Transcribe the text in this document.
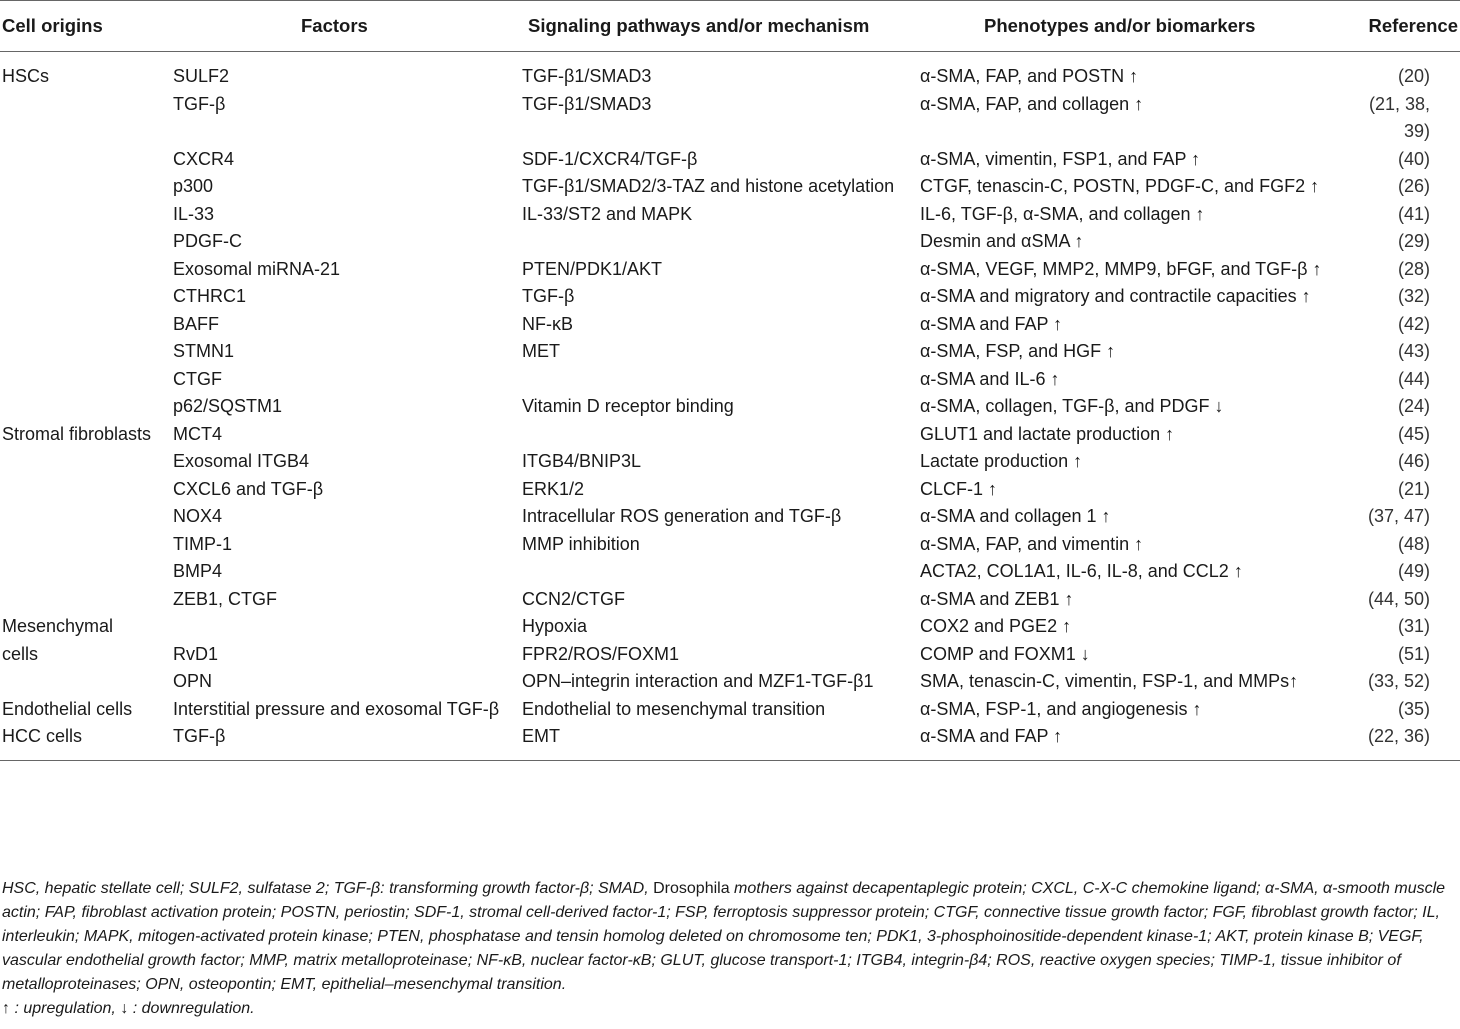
Cell origins	Factors	Signaling pathways and/or mechanism	Phenotypes and/or biomarkers	Reference
HSCs	SULF2	TGF-β1/SMAD3	α-SMA, FAP, and POSTN ↑	(20)
	TGF-β	TGF-β1/SMAD3	α-SMA, FAP, and collagen ↑	(21, 38, 39)
	CXCR4	SDF-1/CXCR4/TGF-β	α-SMA, vimentin, FSP1, and FAP ↑	(40)
	p300	TGF-β1/SMAD2/3-TAZ and histone acetylation	CTGF, tenascin-C, POSTN, PDGF-C, and FGF2 ↑	(26)
	IL-33	IL-33/ST2 and MAPK	IL-6, TGF-β, α-SMA, and collagen ↑	(41)
	PDGF-C		Desmin and αSMA ↑	(29)
	Exosomal miRNA-21	PTEN/PDK1/AKT	α-SMA, VEGF, MMP2, MMP9, bFGF, and TGF-β ↑	(28)
	CTHRC1	TGF-β	α-SMA and migratory and contractile capacities ↑	(32)
	BAFF	NF-κB	α-SMA and FAP ↑	(42)
	STMN1	MET	α-SMA, FSP, and HGF ↑	(43)
	CTGF		α-SMA and IL-6 ↑	(44)
	p62/SQSTM1	Vitamin D receptor binding	α-SMA, collagen, TGF-β, and PDGF ↓	(24)
Stromal fibroblasts	MCT4		GLUT1 and lactate production ↑	(45)
	Exosomal ITGB4	ITGB4/BNIP3L	Lactate production ↑	(46)
	CXCL6 and TGF-β	ERK1/2	CLCF-1 ↑	(21)
	NOX4	Intracellular ROS generation and TGF-β	α-SMA and collagen 1 ↑	(37, 47)
	TIMP-1	MMP inhibition	α-SMA, FAP, and vimentin ↑	(48)
	BMP4		ACTA2, COL1A1, IL-6, IL-8, and CCL2 ↑	(49)
	ZEB1, CTGF	CCN2/CTGF	α-SMA and ZEB1 ↑	(44, 50)
Mesenchymal		Hypoxia	COX2 and PGE2 ↑	(31)
cells	RvD1	FPR2/ROS/FOXM1	COMP and FOXM1 ↓	(51)
	OPN	OPN–integrin interaction and MZF1-TGF-β1	SMA, tenascin-C, vimentin, FSP-1, and MMPs↑	(33, 52)
Endothelial cells	Interstitial pressure and exosomal TGF-β	Endothelial to mesenchymal transition	α-SMA, FSP-1, and angiogenesis ↑	(35)
HCC cells	TGF-β	EMT	α-SMA and FAP ↑	(22, 36)
HSC, hepatic stellate cell; SULF2, sulfatase 2; TGF-β: transforming growth factor-β; SMAD, Drosophila mothers against decapentaplegic protein; CXCL, C-X-C chemokine ligand; α-SMA, α-smooth muscle actin; FAP, fibroblast activation protein; POSTN, periostin; SDF-1, stromal cell-derived factor-1; FSP, ferroptosis suppressor protein; CTGF, connective tissue growth factor; FGF, fibroblast growth factor; IL, interleukin; MAPK, mitogen-activated protein kinase; PTEN, phosphatase and tensin homolog deleted on chromosome ten; PDK1, 3-phosphoinositide-dependent kinase-1; AKT, protein kinase B; VEGF, vascular endothelial growth factor; MMP, matrix metalloproteinase; NF-κB, nuclear factor-κB; GLUT, glucose transport-1; ITGB4, integrin-β4; ROS, reactive oxygen species; TIMP-1, tissue inhibitor of metalloproteinases; OPN, osteopontin; EMT, epithelial–mesenchymal transition.
↑ : upregulation, ↓ : downregulation.
